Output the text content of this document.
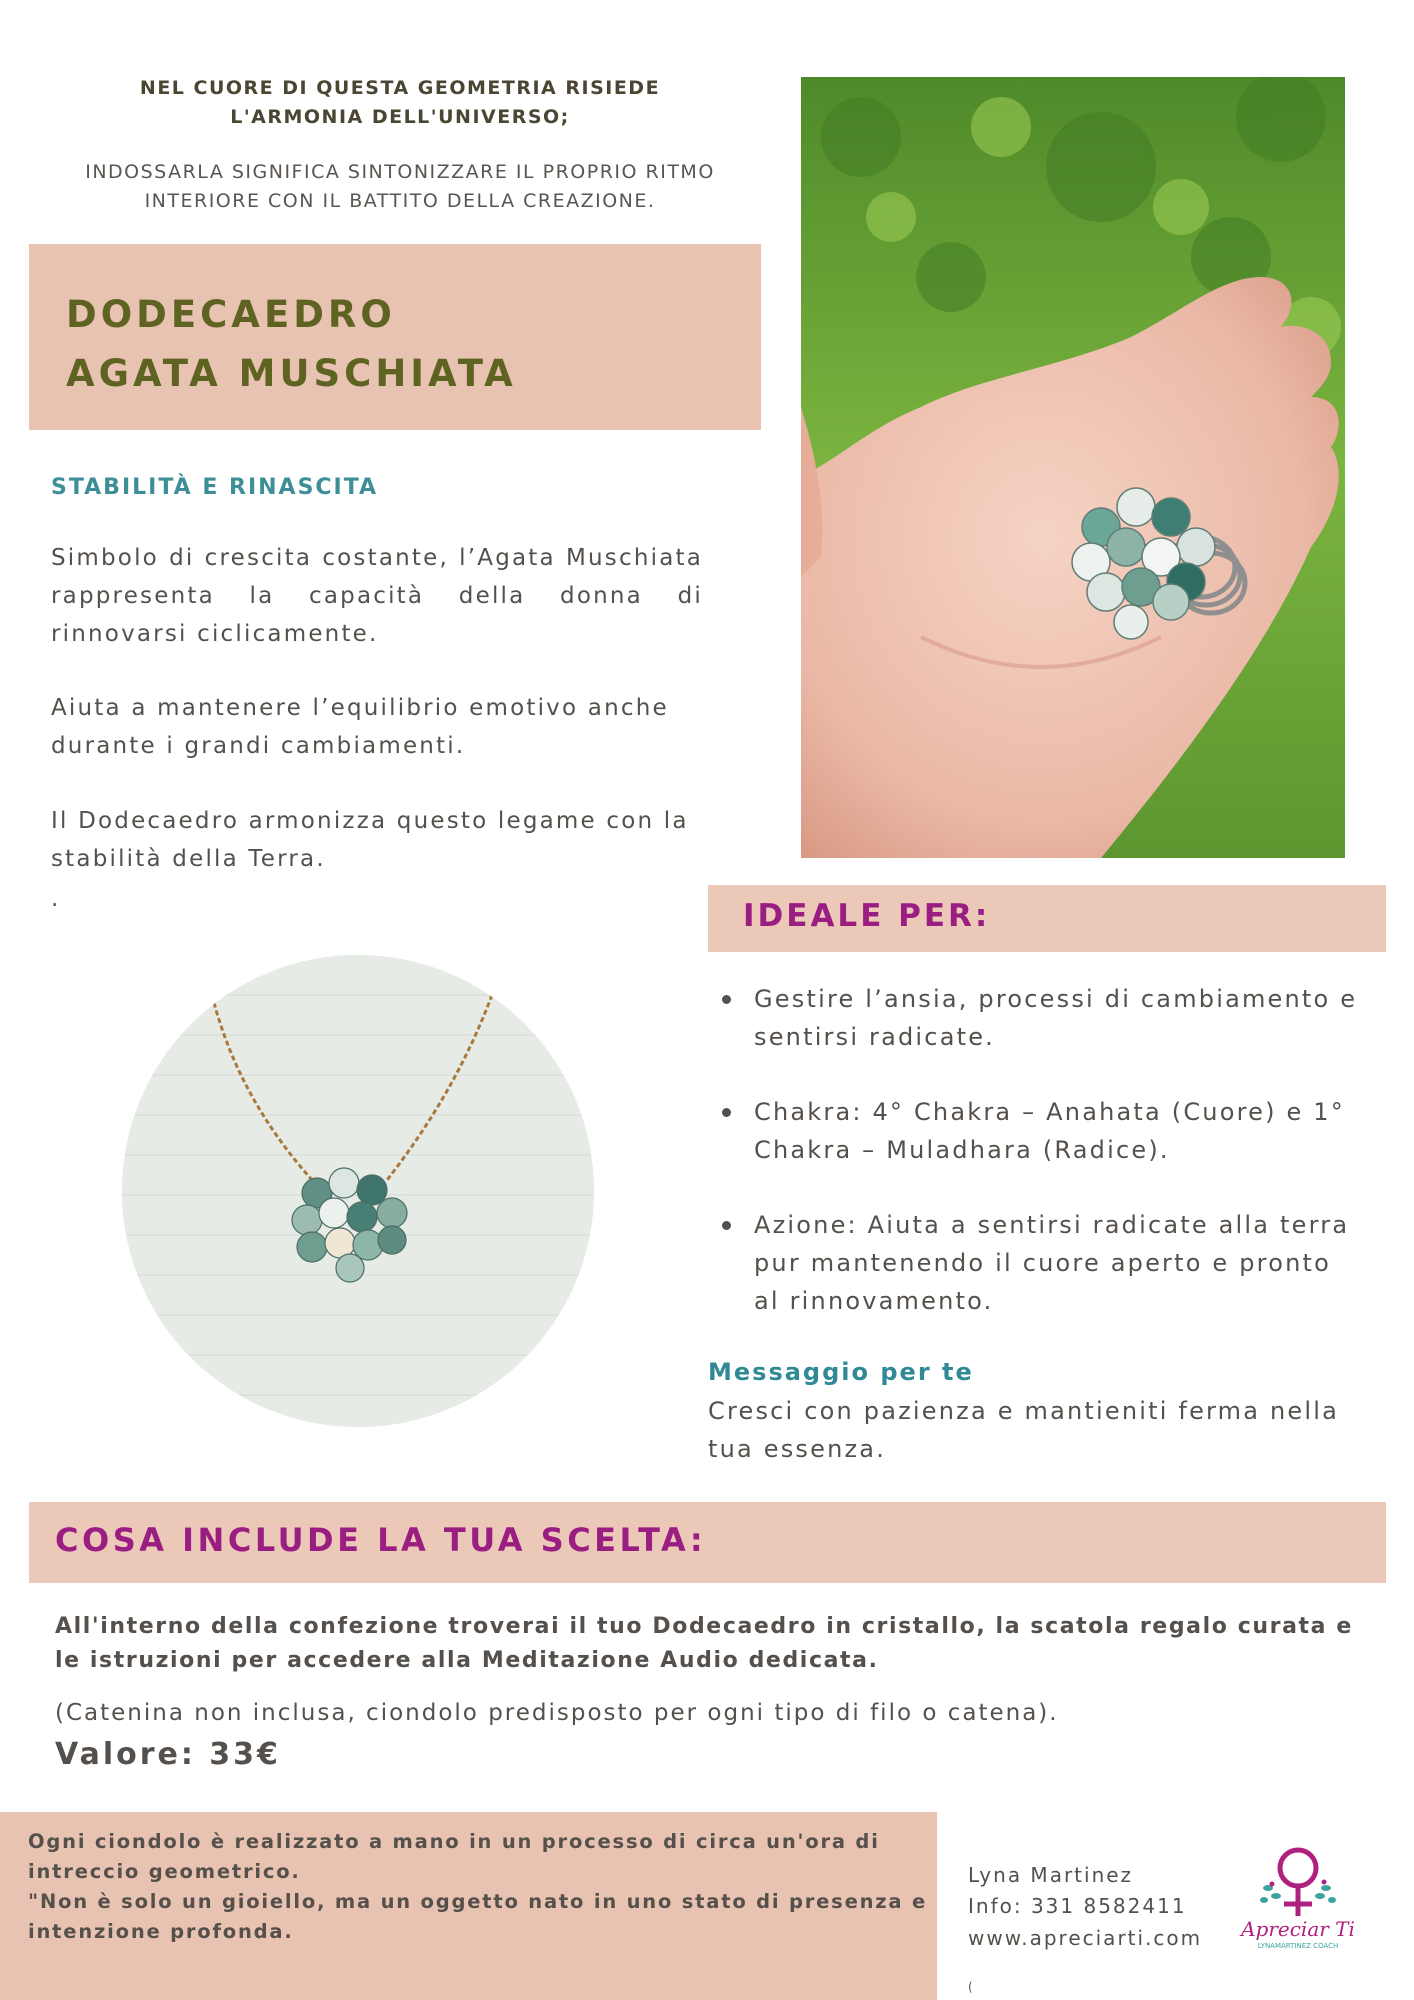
NEL CUORE DI QUESTA GEOMETRIA RISIEDE L'ARMONIA DELL'UNIVERSO;
INDOSSARLA SIGNIFICA SINTONIZZARE IL PROPRIO RITMO INTERIORE CON IL BATTITO DELLA CREAZIONE.
DODECAEDRO
AGATA MUSCHIATA
STABILITÀ E RINASCITA
Simbolo di crescita costante, l’Agata Muschiata rappresenta la capacità della donna di rinnovarsi ciclicamente.
Aiuta a mantenere l’equilibrio emotivo anche durante i grandi cambiamenti.
Il Dodecaedro armonizza questo legame con la stabilità della Terra.
.	IDEALE PER:
Gestire l’ansia, processi di cambiamento e sentirsi radicate.
Chakra: 4° Chakra – Anahata (Cuore) e 1° Chakra – Muladhara (Radice).
Azione: Aiuta a sentirsi radicate alla terra pur mantenendo il cuore aperto e pronto al rinnovamento.
Messaggio per te
Cresci con pazienza e mantieniti ferma nella tua essenza.
COSA INCLUDE LA TUA SCELTA:
All'interno della confezione troverai il tuo Dodecaedro in cristallo, la scatola regalo curata e le istruzioni per accedere alla Meditazione Audio dedicata.
(Catenina non inclusa, ciondolo predisposto per ogni tipo di filo o catena).
Valore: 33€
Ogni ciondolo è realizzato a mano in un processo di circa un'ora di intreccio geometrico.
"Non è solo un gioiello, ma un oggetto nato in uno stato di presenza e intenzione profonda.
Lyna Martinez
Info: 331 8582411
www.apreciarti.com
(
Apreciar Ti
LYNAMARTINEZ COACH
